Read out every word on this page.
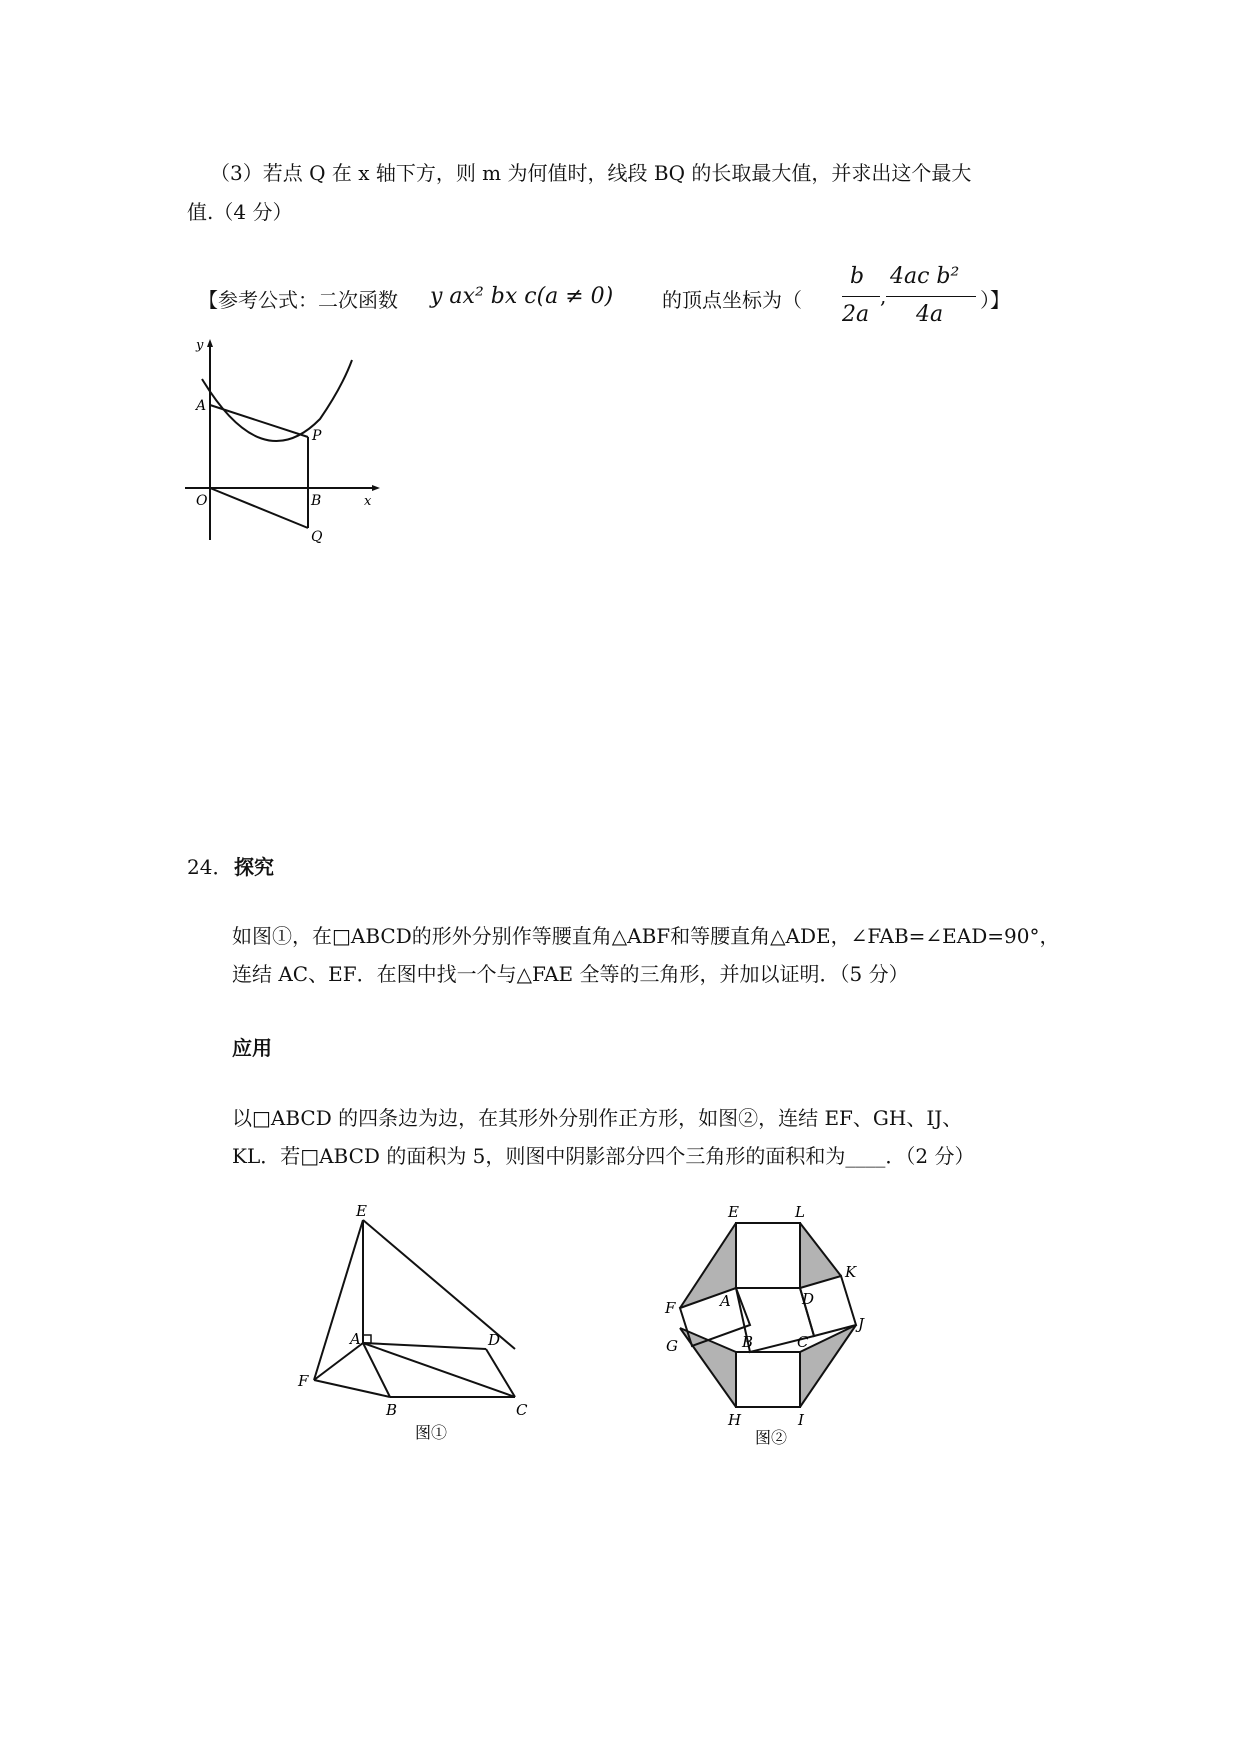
（3）若点 Q 在 x 轴下方，则 m 为何值时，线段 BQ 的长取最大值，并求出这个最大
值.（4 分）
【参考公式：二次函数 y ax² bx c(a ≠ 0) 的顶点坐标为（
b
2a
,
4ac b²
4a
）】
y
A
P
O	B	x
Q
24． 探究
如图①，在□ABCD的形外分别作等腰直角△ABF和等腰直角△ADE，∠FAB=∠EAD=90°，
连结 AC、EF．在图中找一个与△FAE 全等的三角形，并加以证明．（5 分）
应用
以□ABCD 的四条边为边，在其形外分别作正方形，如图②，连结 EF、GH、IJ、
KL．若□ABCD 的面积为 5，则图中阴影部分四个三角形的面积和为____．（2 分）
E
A	D
F
B	C
图①
E	L
K
F	A	D
J
G	B	C
H	I
图②
